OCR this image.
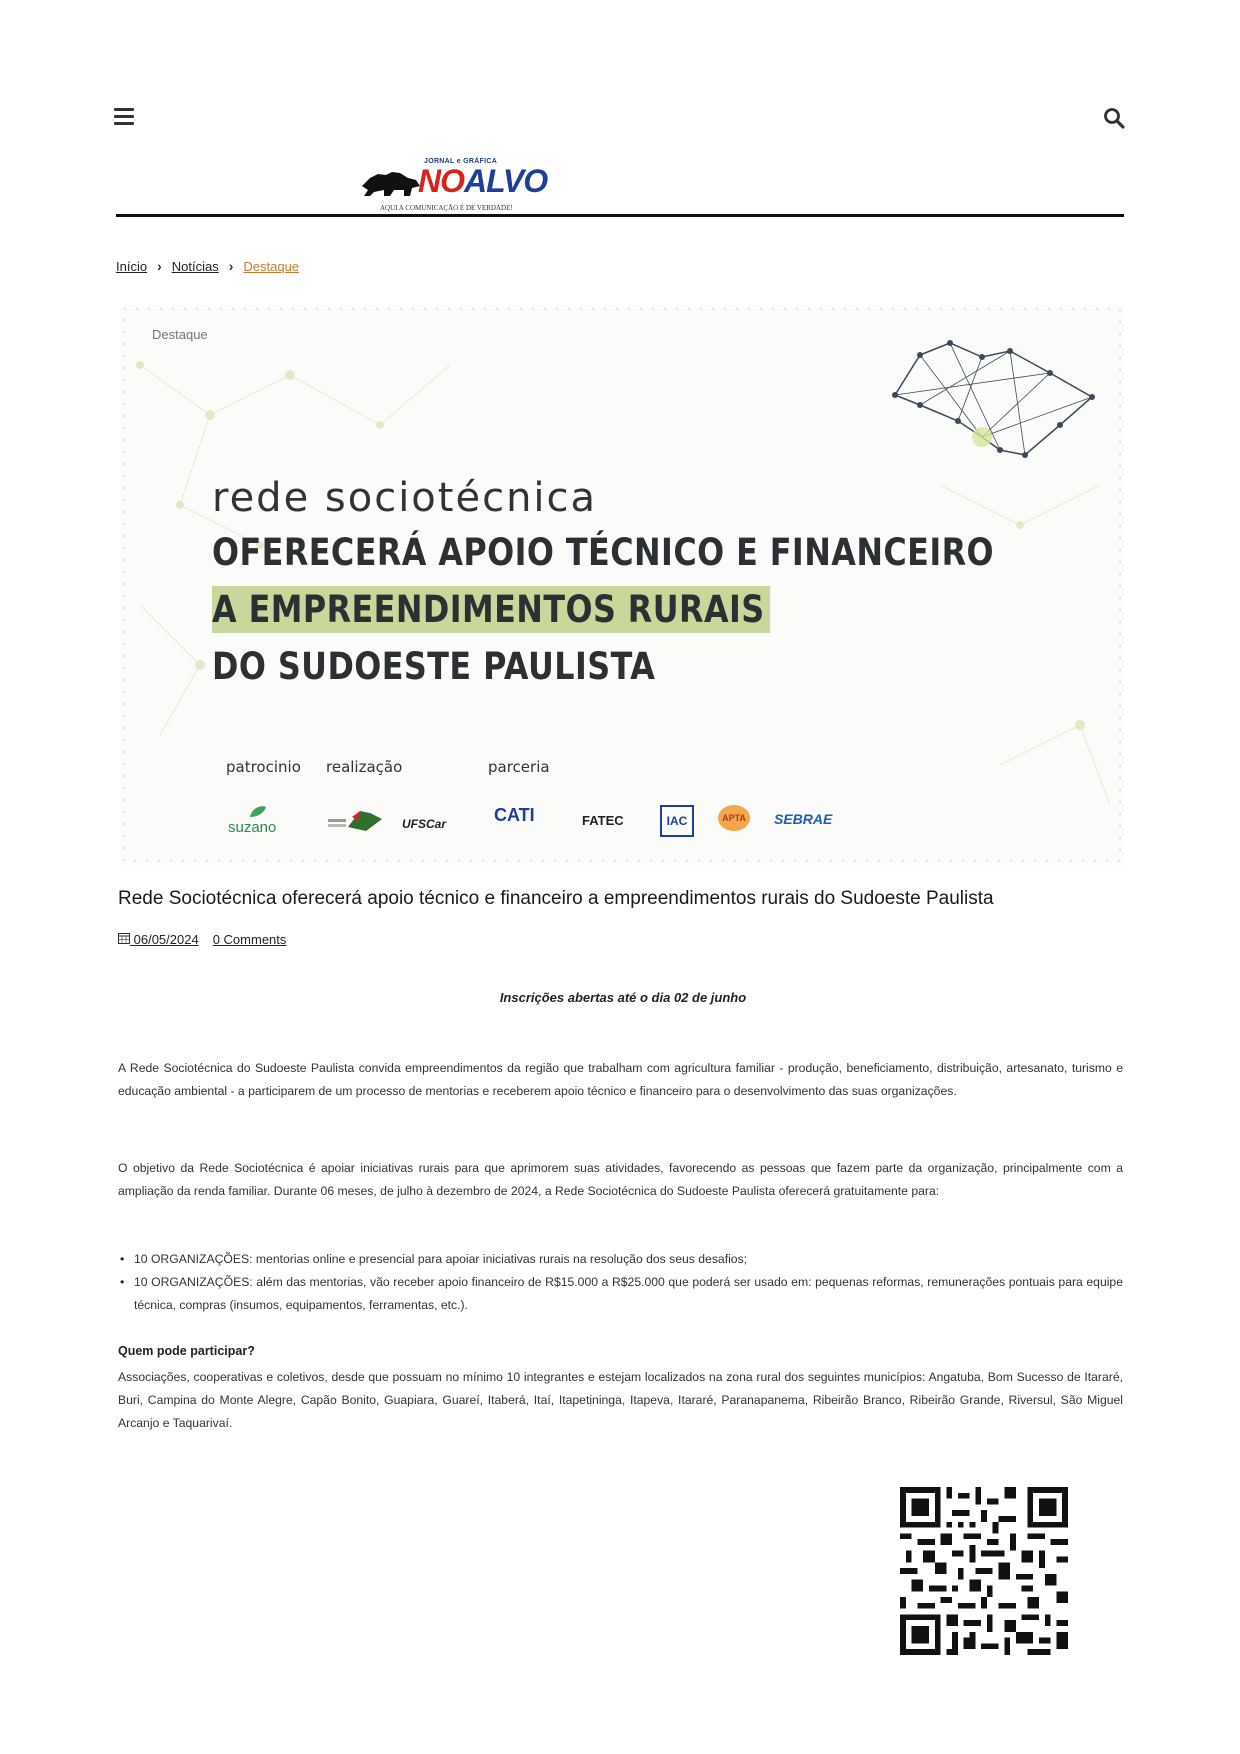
JORNAL e GRÁFICA
NOALVO
AQUI A COMUNICAÇÃO É DE VERDADE!
Início › Notícias › Destaque
Destaque
rede sociotécnica
OFERECERÁ APOIO TÉCNICO E FINANCEIRO
A EMPREENDIMENTOS RURAIS
DO SUDOESTE PAULISTA
patrocinio realização	parceria
suzano	UFSCar	CATI	FATEC	IAC	APTA SEBRAE
Rede Sociotécnica oferecerá apoio técnico e financeiro a empreendimentos rurais do Sudoeste Paulista
06/05/2024 0 Comments
Inscrições abertas até o dia 02 de junho

A Rede Sociotécnica do Sudoeste Paulista convida empreendimentos da região que trabalham com agricultura familiar - produção, beneficiamento, distribuição, artesanato, turismo e educação ambiental - a participarem de um processo de mentorias e receberem apoio técnico e financeiro para o desenvolvimento das suas organizações.

O objetivo da Rede Sociotécnica é apoiar iniciativas rurais para que aprimorem suas atividades, favorecendo as pessoas que fazem parte da organização, principalmente com a ampliação da renda familiar. Durante 06 meses, de julho à dezembro de 2024, a Rede Sociotécnica do Sudoeste Paulista oferecerá gratuitamente para:

• 10 ORGANIZAÇÕES: mentorias online e presencial para apoiar iniciativas rurais na resolução dos seus desafios;
• 10 ORGANIZAÇÕES: além das mentorias, vão receber apoio financeiro de R$15.000 a R$25.000 que poderá ser usado em: pequenas reformas, remunerações pontuais para equipe técnica, compras (insumos, equipamentos, ferramentas, etc.).
Quem pode participar?

Associações, cooperativas e coletivos, desde que possuam no mínimo 10 integrantes e estejam localizados na zona rural dos seguintes municípios: Angatuba, Bom Sucesso de Itararé, Buri, Campina do Monte Alegre, Capão Bonito, Guapiara, Guareí, Itaberá, Itaí, Itapetininga, Itapeva, Itararé, Paranapanema, Ribeirão Branco, Ribeirão Grande, Riversul, São Miguel Arcanjo e Taquarivaí.
